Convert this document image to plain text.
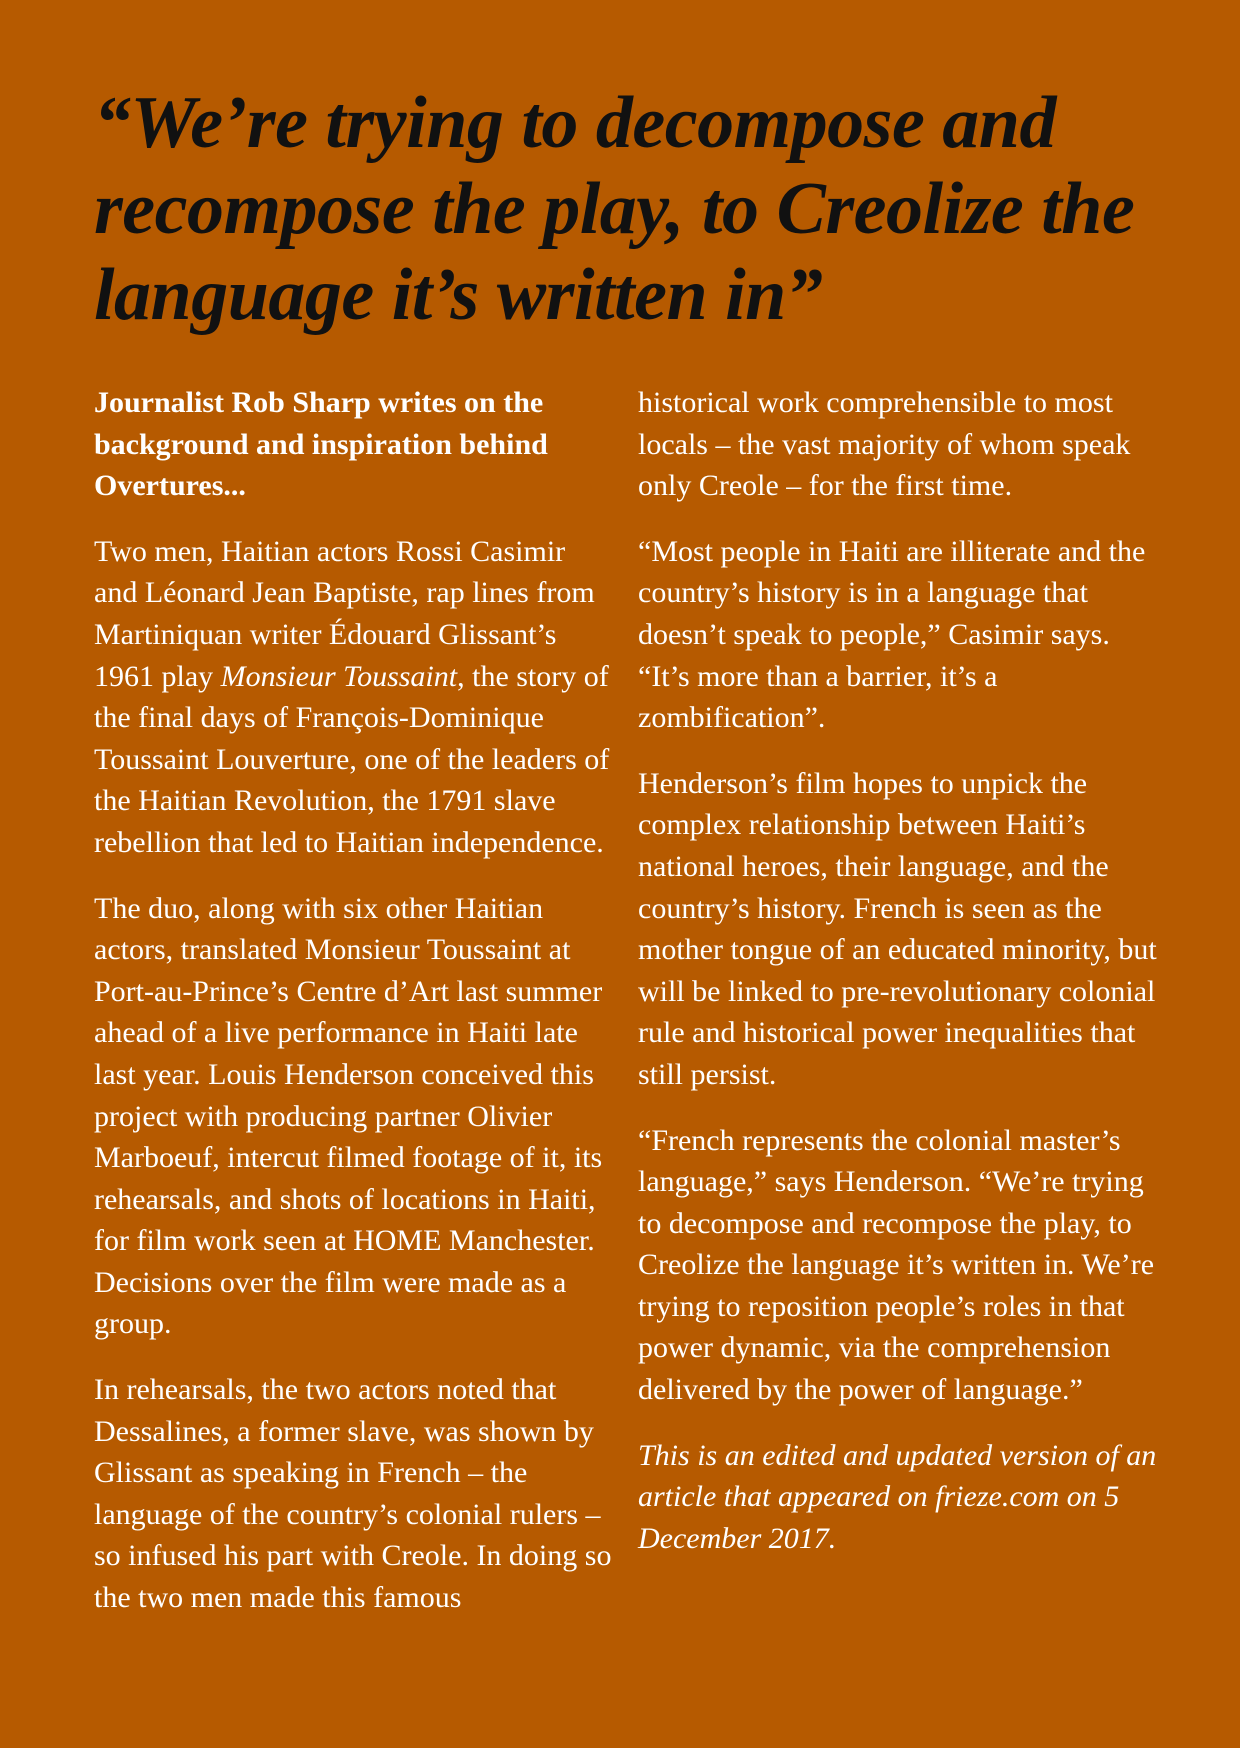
“We’re trying to decompose and recompose the play, to Creolize the language it’s written in”

Journalist Rob Sharp writes on the background and inspiration behind Overtures...

Two men, Haitian actors Rossi Casimir and Léonard Jean Baptiste, rap lines from Martiniquan writer Édouard Glissant’s 1961 play Monsieur Toussaint, the story of the final days of François-Dominique Toussaint Louverture, one of the leaders of the Haitian Revolution, the 1791 slave rebellion that led to Haitian independence.

The duo, along with six other Haitian actors, translated Monsieur Toussaint at Port-au-Prince’s Centre d’Art last summer ahead of a live performance in Haiti late last year. Louis Henderson conceived this project with producing partner Olivier Marboeuf, intercut filmed footage of it, its rehearsals, and shots of locations in Haiti, for film work seen at HOME Manchester. Decisions over the film were made as a group.

In rehearsals, the two actors noted that Dessalines, a former slave, was shown by Glissant as speaking in French – the language of the country’s colonial rulers – so infused his part with Creole. In doing so the two men made this famous

historical work comprehensible to most locals – the vast majority of whom speak only Creole – for the first time.

“Most people in Haiti are illiterate and the country’s history is in a language that doesn’t speak to people,” Casimir says. “It’s more than a barrier, it’s a zombification”.

Henderson’s film hopes to unpick the complex relationship between Haiti’s national heroes, their language, and the country’s history. French is seen as the mother tongue of an educated minority, but will be linked to pre-revolutionary colonial rule and historical power inequalities that still persist.

“French represents the colonial master’s language,” says Henderson. “We’re trying to decompose and recompose the play, to Creolize the language it’s written in. We’re trying to reposition people’s roles in that power dynamic, via the comprehension delivered by the power of language.”

This is an edited and updated version of an article that appeared on frieze.com on 5 December 2017.
